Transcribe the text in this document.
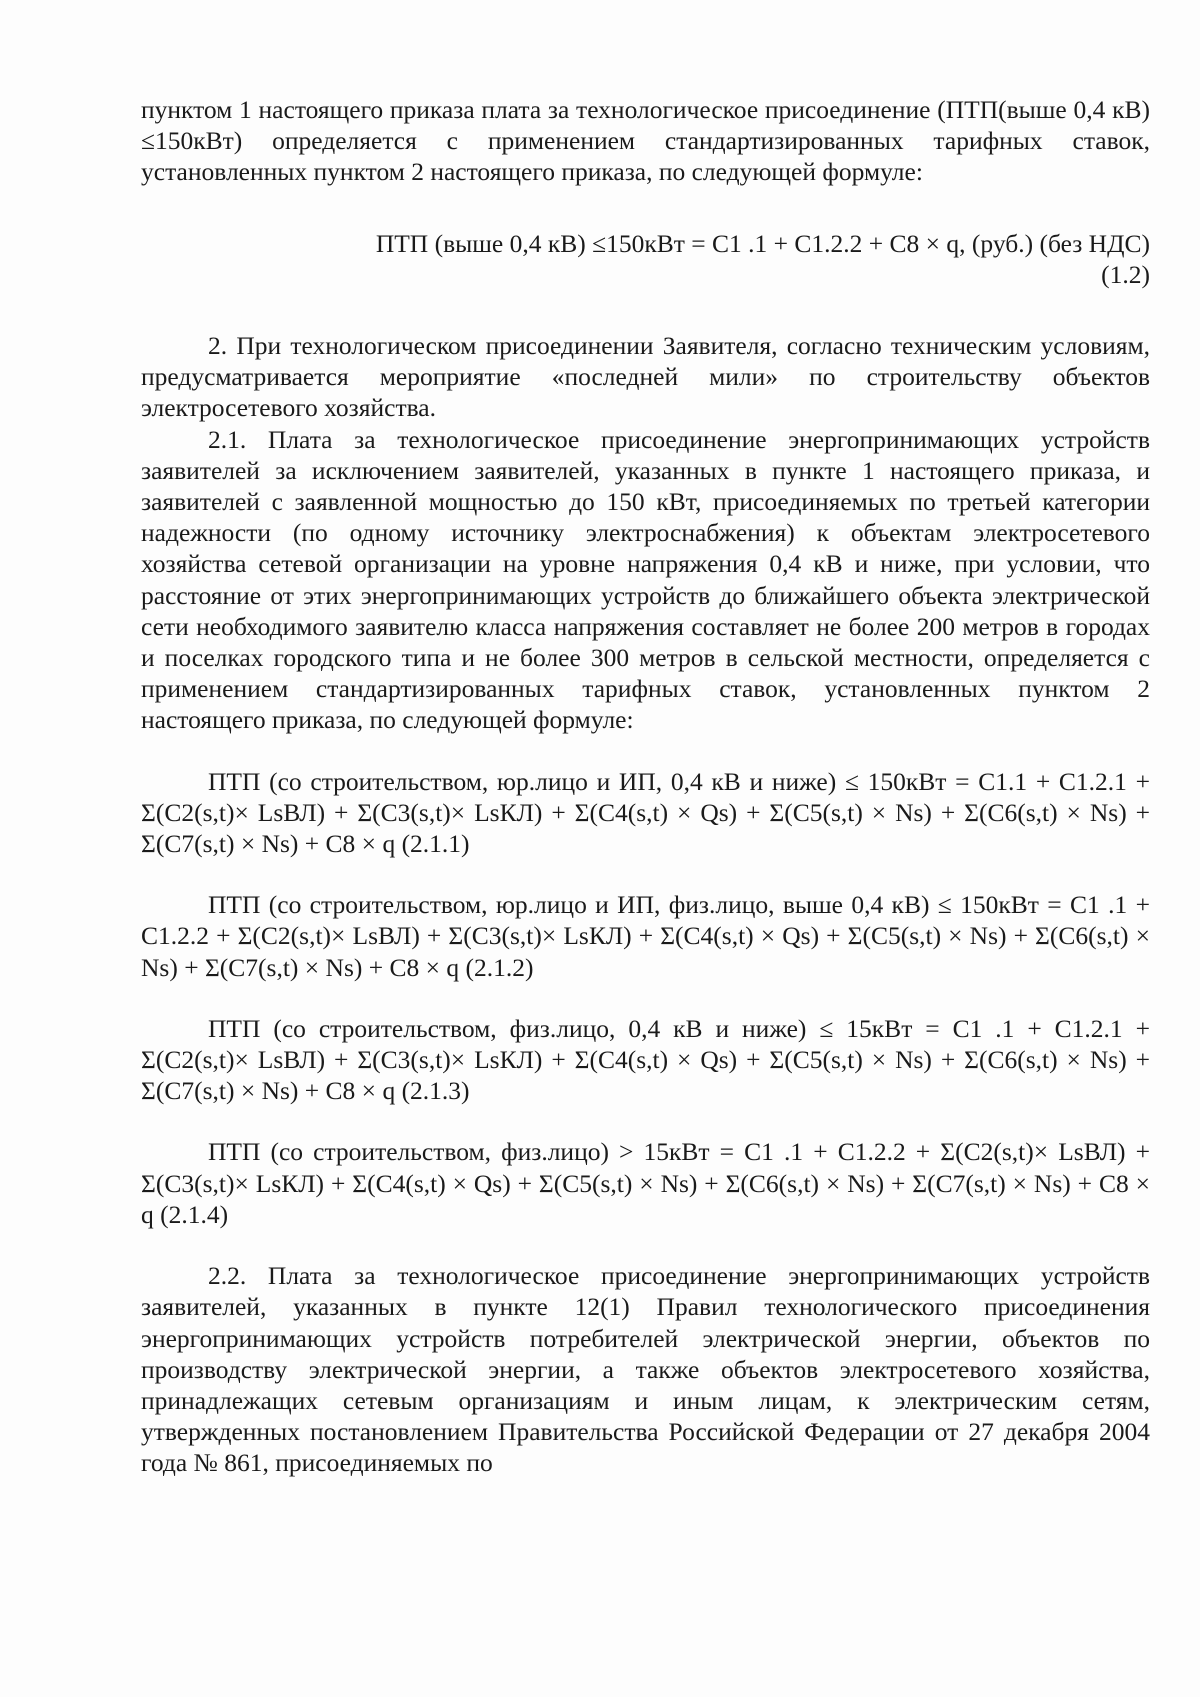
пунктом 1 настоящего приказа плата за технологическое присоединение (ПТП(выше 0,4 кВ) ≤150кВт) определяется с применением стандартизированных тарифных ставок, установленных пунктом 2 настоящего приказа, по следующей формуле:

ПТП (выше 0,4 кВ) ≤150кВт = С1 .1 + С1.2.2 + С8 × q, (руб.) (без НДС)

(1.2)

2. При технологическом присоединении Заявителя, согласно техническим условиям, предусматривается мероприятие «последней мили» по строительству объектов электросетевого хозяйства.

2.1. Плата за технологическое присоединение энергопринимающих устройств заявителей за исключением заявителей, указанных в пункте 1 настоящего приказа, и заявителей с заявленной мощностью до 150 кВт, присоединяемых по третьей категории надежности (по одному источнику электроснабжения) к объектам электросетевого хозяйства сетевой организации на уровне напряжения 0,4 кВ и ниже, при условии, что расстояние от этих энергопринимающих устройств до ближайшего объекта электрической сети необходимого заявителю класса напряжения составляет не более 200 метров в городах и поселках городского типа и не более 300 метров в сельской местности, определяется с применением стандартизированных тарифных ставок, установленных пунктом 2 настоящего приказа, по следующей формуле:

ПТП (со строительством, юр.лицо и ИП, 0,4 кВ и ниже) ≤ 150кВт = С1.1 + С1.2.1 + Σ(С2(s,t)× LsВЛ) + Σ(С3(s,t)× LsКЛ) + Σ(С4(s,t) × Qs) + Σ(С5(s,t) × Ns) + Σ(С6(s,t) × Ns) + Σ(С7(s,t) × Ns) + С8 × q (2.1.1)

ПТП (со строительством, юр.лицо и ИП, физ.лицо, выше 0,4 кВ) ≤ 150кВт = С1 .1 + С1.2.2 + Σ(С2(s,t)× LsВЛ) + Σ(С3(s,t)× LsКЛ) + Σ(С4(s,t) × Qs) + Σ(С5(s,t) × Ns) + Σ(С6(s,t) × Ns) + Σ(С7(s,t) × Ns) + С8 × q (2.1.2)

ПТП (со строительством, физ.лицо, 0,4 кВ и ниже) ≤ 15кВт = С1 .1 + С1.2.1 + Σ(С2(s,t)× LsВЛ) + Σ(С3(s,t)× LsКЛ) + Σ(С4(s,t) × Qs) + Σ(С5(s,t) × Ns) + Σ(С6(s,t) × Ns) + Σ(С7(s,t) × Ns) + С8 × q (2.1.3)

ПТП (со строительством, физ.лицо) > 15кВт = С1 .1 + С1.2.2 + Σ(С2(s,t)× LsВЛ) + Σ(С3(s,t)× LsКЛ) + Σ(С4(s,t) × Qs) + Σ(С5(s,t) × Ns) + Σ(С6(s,t) × Ns) + Σ(С7(s,t) × Ns) + С8 × q (2.1.4)

2.2. Плата за технологическое присоединение энергопринимающих устройств заявителей, указанных в пункте 12(1) Правил технологического присоединения энергопринимающих устройств потребителей электрической энергии, объектов по производству электрической энергии, а также объектов электросетевого хозяйства, принадлежащих сетевым организациям и иным лицам, к электрическим сетям, утвержденных постановлением Правительства Российской Федерации от 27 декабря 2004 года № 861, присоединяемых по
